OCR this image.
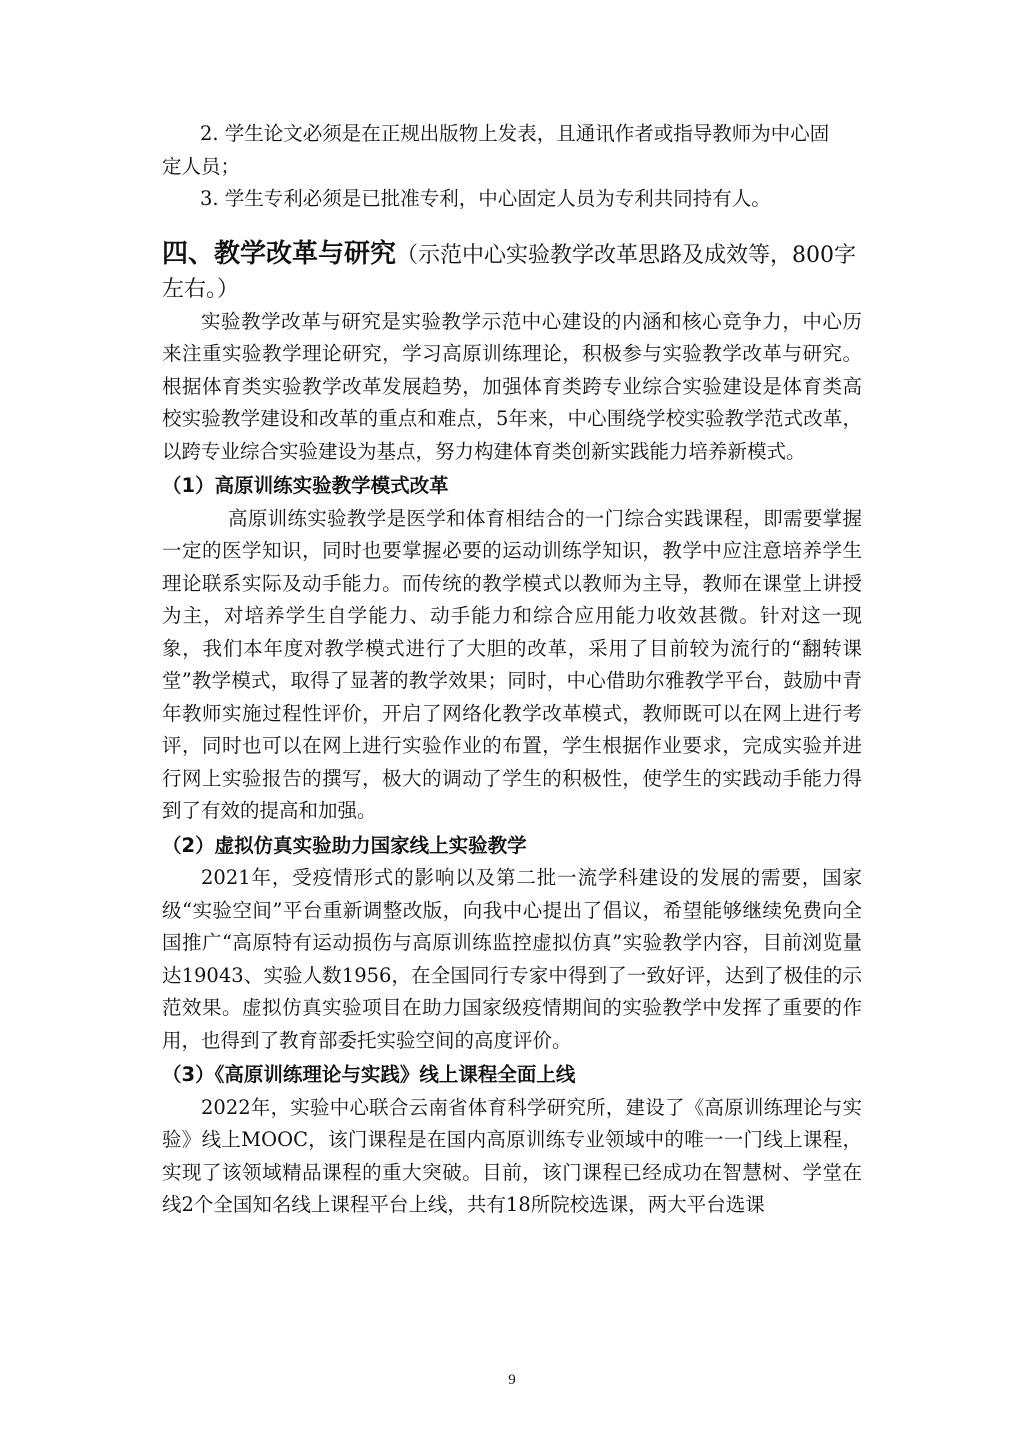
2. 学生论文必须是在正规出版物上发表，且通讯作者或指导教师为中心固

定人员；

3. 学生专利必须是已批准专利，中心固定人员为专利共同持有人。

四、教学改革与研究（示范中心实验教学改革思路及成效等，800字左右。）

实验教学改革与研究是实验教学示范中心建设的内涵和核心竞争力，中心历来注重实验教学理论研究，学习高原训练理论，积极参与实验教学改革与研究。根据体育类实验教学改革发展趋势，加强体育类跨专业综合实验建设是体育类高校实验教学建设和改革的重点和难点，5年来，中心围绕学校实验教学范式改革，以跨专业综合实验建设为基点，努力构建体育类创新实践能力培养新模式。

（1）高原训练实验教学模式改革

高原训练实验教学是医学和体育相结合的一门综合实践课程，即需要掌握一定的医学知识，同时也要掌握必要的运动训练学知识，教学中应注意培养学生理论联系实际及动手能力。而传统的教学模式以教师为主导，教师在课堂上讲授为主，对培养学生自学能力、动手能力和综合应用能力收效甚微。针对这一现象，我们本年度对教学模式进行了大胆的改革，采用了目前较为流行的“翻转课堂”教学模式，取得了显著的教学效果；同时，中心借助尔雅教学平台，鼓励中青年教师实施过程性评价，开启了网络化教学改革模式，教师既可以在网上进行考评，同时也可以在网上进行实验作业的布置，学生根据作业要求，完成实验并进行网上实验报告的撰写，极大的调动了学生的积极性，使学生的实践动手能力得到了有效的提高和加强。

（2）虚拟仿真实验助力国家线上实验教学

2021年，受疫情形式的影响以及第二批一流学科建设的发展的需要，国家级“实验空间”平台重新调整改版，向我中心提出了倡议，希望能够继续免费向全国推广“高原特有运动损伤与高原训练监控虚拟仿真”实验教学内容，目前浏览量达19043、实验人数1956，在全国同行专家中得到了一致好评，达到了极佳的示范效果。虚拟仿真实验项目在助力国家级疫情期间的实验教学中发挥了重要的作用，也得到了教育部委托实验空间的高度评价。

（3）《高原训练理论与实践》线上课程全面上线

2022年，实验中心联合云南省体育科学研究所，建设了《高原训练理论与实验》线上MOOC，该门课程是在国内高原训练专业领域中的唯一一门线上课程，实现了该领域精品课程的重大突破。目前，该门课程已经成功在智慧树、学堂在线2个全国知名线上课程平台上线，共有18所院校选课，两大平台选课

9
